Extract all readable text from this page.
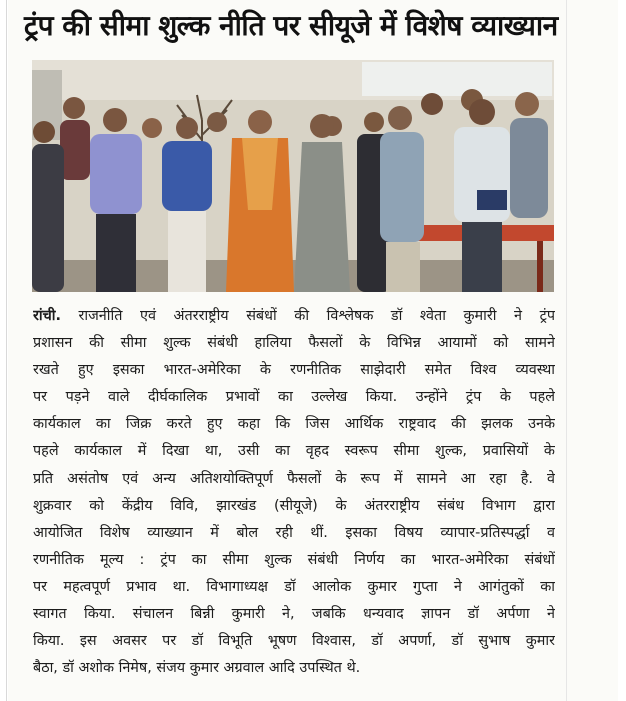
ट्रंप की सीमा शुल्क नीति पर सीयूजे में विशेष व्याख्यान
रांची. राजनीति एवं अंतरराष्ट्रीय संबंधों की विश्लेषक डॉ श्वेता कुमारी ने ट्रंप
प्रशासन की सीमा शुल्क संबंधी हालिया फैसलों के विभिन्न आयामों को सामने
रखते हुए इसका भारत-अमेरिका के रणनीतिक साझेदारी समेत विश्व व्यवस्था
पर पड़ने वाले दीर्घकालिक प्रभावों का उल्लेख किया. उन्होंने ट्रंप के पहले
कार्यकाल का जिक्र करते हुए कहा कि जिस आर्थिक राष्ट्रवाद की झलक उनके
पहले कार्यकाल में दिखा था, उसी का वृहद स्वरूप सीमा शुल्क, प्रवासियों के
प्रति असंतोष एवं अन्य अतिशयोक्तिपूर्ण फैसलों के रूप में सामने आ रहा है. वे
शुक्रवार को केंद्रीय विवि, झारखंड (सीयूजे) के अंतरराष्ट्रीय संबंध विभाग द्वारा
आयोजित विशेष व्याख्यान में बोल रही थीं. इसका विषय व्यापार-प्रतिस्पर्द्धा व
रणनीतिक मूल्य : ट्रंप का सीमा शुल्क संबंधी निर्णय का भारत-अमेरिका संबंधों
पर महत्वपूर्ण प्रभाव था. विभागाध्यक्ष डॉ आलोक कुमार गुप्ता ने आगंतुकों का
स्वागत किया. संचालन बिन्नी कुमारी ने, जबकि धन्यवाद ज्ञापन डॉ अर्पणा ने
किया. इस अवसर पर डॉ विभूति भूषण विश्वास, डॉ अपर्णा, डॉ सुभाष कुमार
बैठा, डॉ अशोक निमेष, संजय कुमार अग्रवाल आदि उपस्थित थे.
